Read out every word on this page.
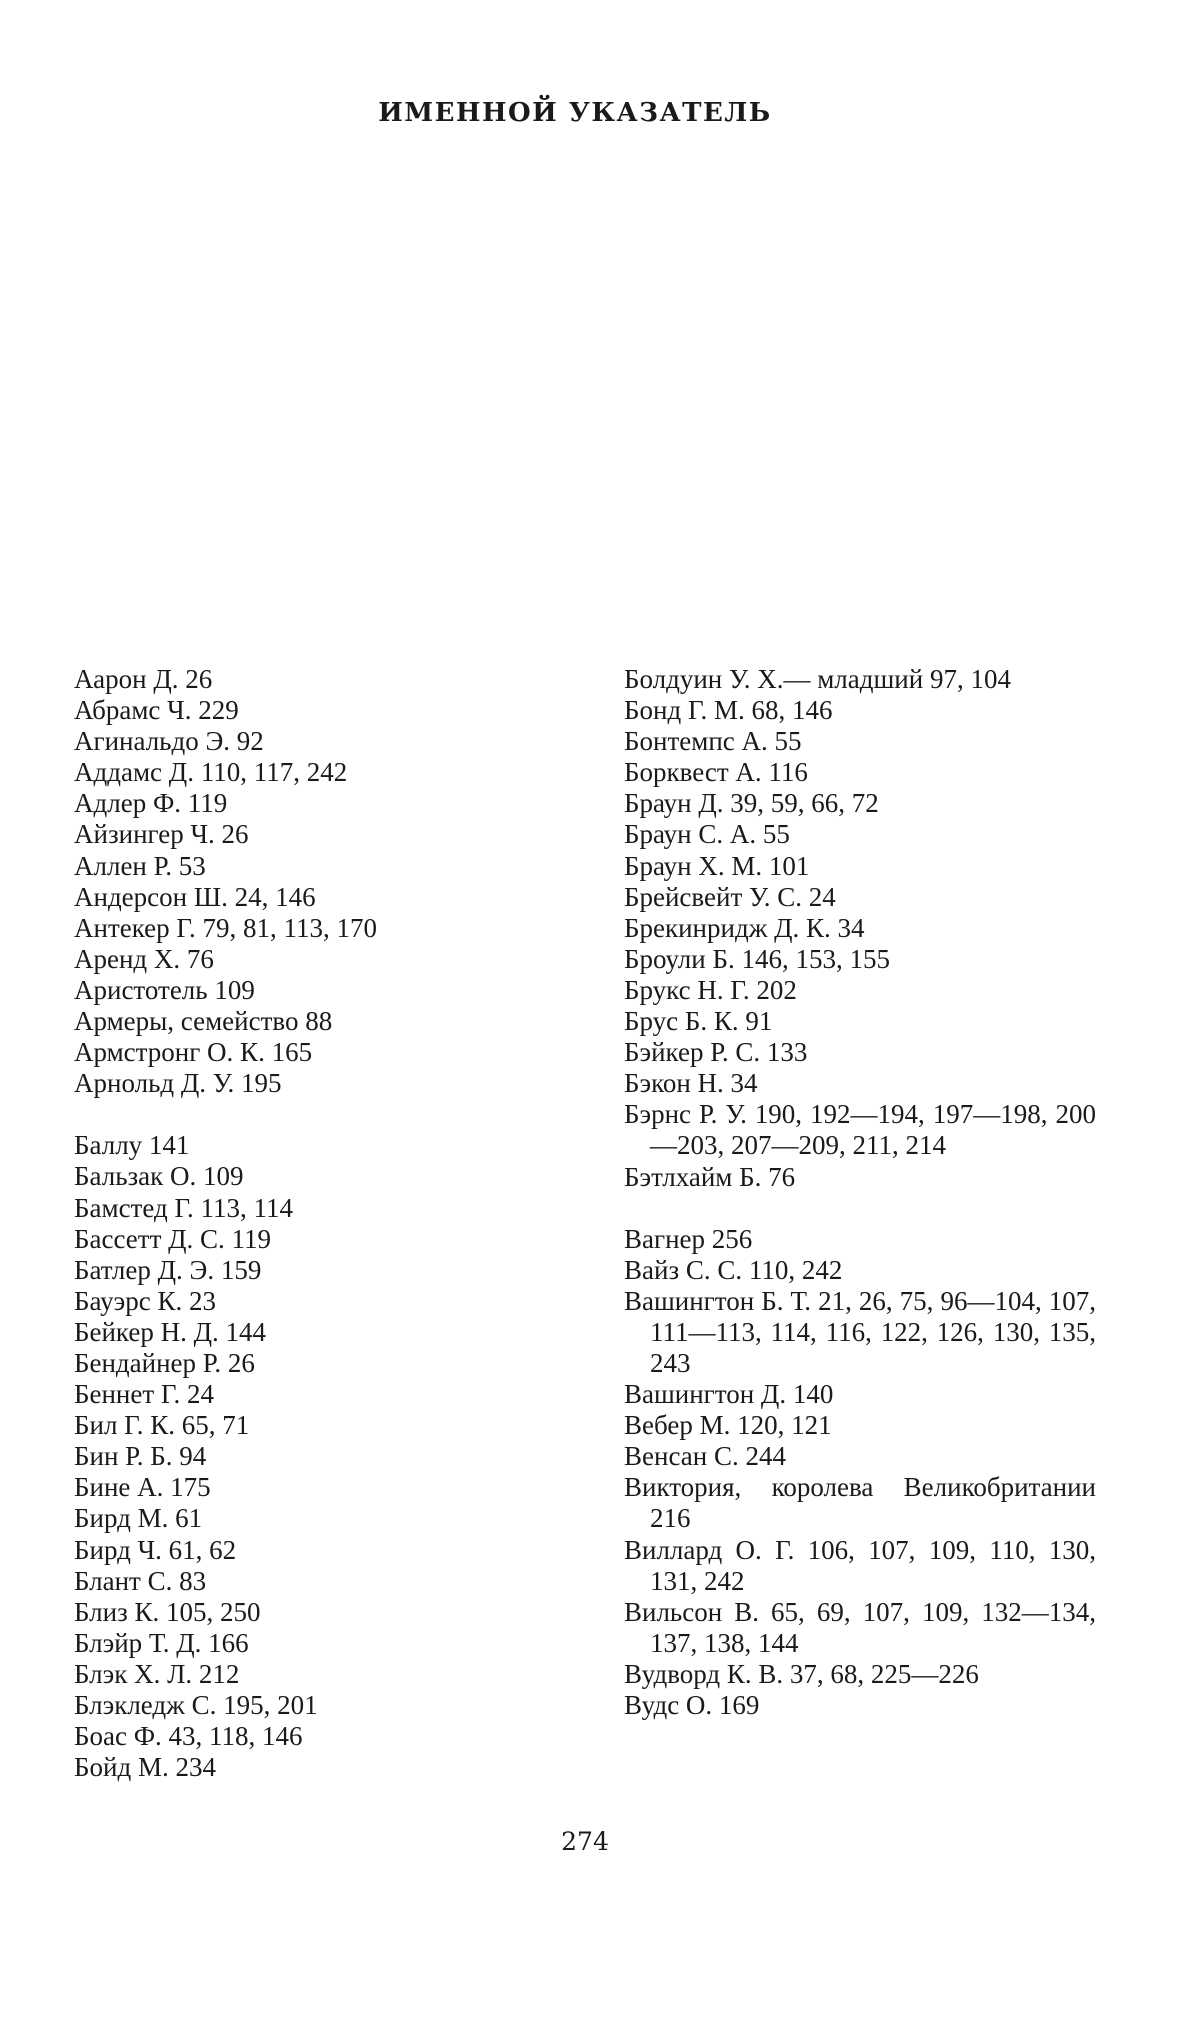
ИМЕННОЙ УКАЗАТЕЛЬ
Аарон Д. 26
Абрамс Ч. 229
Агинальдо Э. 92
Аддамс Д. 110, 117, 242
Адлер Ф. 119
Айзингер Ч. 26
Аллен Р. 53
Андерсон Ш. 24, 146
Антекер Г. 79, 81, 113, 170
Аренд Х. 76
Аристотель 109
Армеры, семейство 88
Армстронг О. К. 165
Арнольд Д. У. 195
Баллу 141
Бальзак О. 109
Бамстед Г. 113, 114
Бассетт Д. С. 119
Батлер Д. Э. 159
Бауэрс К. 23
Бейкер Н. Д. 144
Бендайнер Р. 26
Беннет Г. 24
Бил Г. К. 65, 71
Бин Р. Б. 94
Бине А. 175
Бирд М. 61
Бирд Ч. 61, 62
Блант С. 83
Близ К. 105, 250
Блэйр Т. Д. 166
Блэк Х. Л. 212
Блэкледж С. 195, 201
Боас Ф. 43, 118, 146
Бойд М. 234
Болдуин У. Х.— младший 97, 104
Бонд Г. М. 68, 146
Бонтемпс А. 55
Борквест А. 116
Браун Д. 39, 59, 66, 72
Браун С. А. 55
Браун Х. М. 101
Брейсвейт У. С. 24
Брекинридж Д. К. 34
Броули Б. 146, 153, 155
Брукс Н. Г. 202
Брус Б. К. 91
Бэйкер Р. С. 133
Бэкон Н. 34
Бэрнс Р. У. 190, 192—194, 197—198, 200—203, 207—209, 211, 214
Бэтлхайм Б. 76
Вагнер 256
Вайз С. С. 110, 242
Вашингтон Б. Т. 21, 26, 75, 96—104, 107, 111—113, 114, 116, 122, 126, 130, 135, 243
Вашингтон Д. 140
Вебер М. 120, 121
Венсан С. 244
Виктория, королева Великобритании 216
Виллард О. Г. 106, 107, 109, 110, 130, 131, 242
Вильсон В. 65, 69, 107, 109, 132—134, 137, 138, 144
Вудворд К. В. 37, 68, 225—226
Вудс О. 169
274
